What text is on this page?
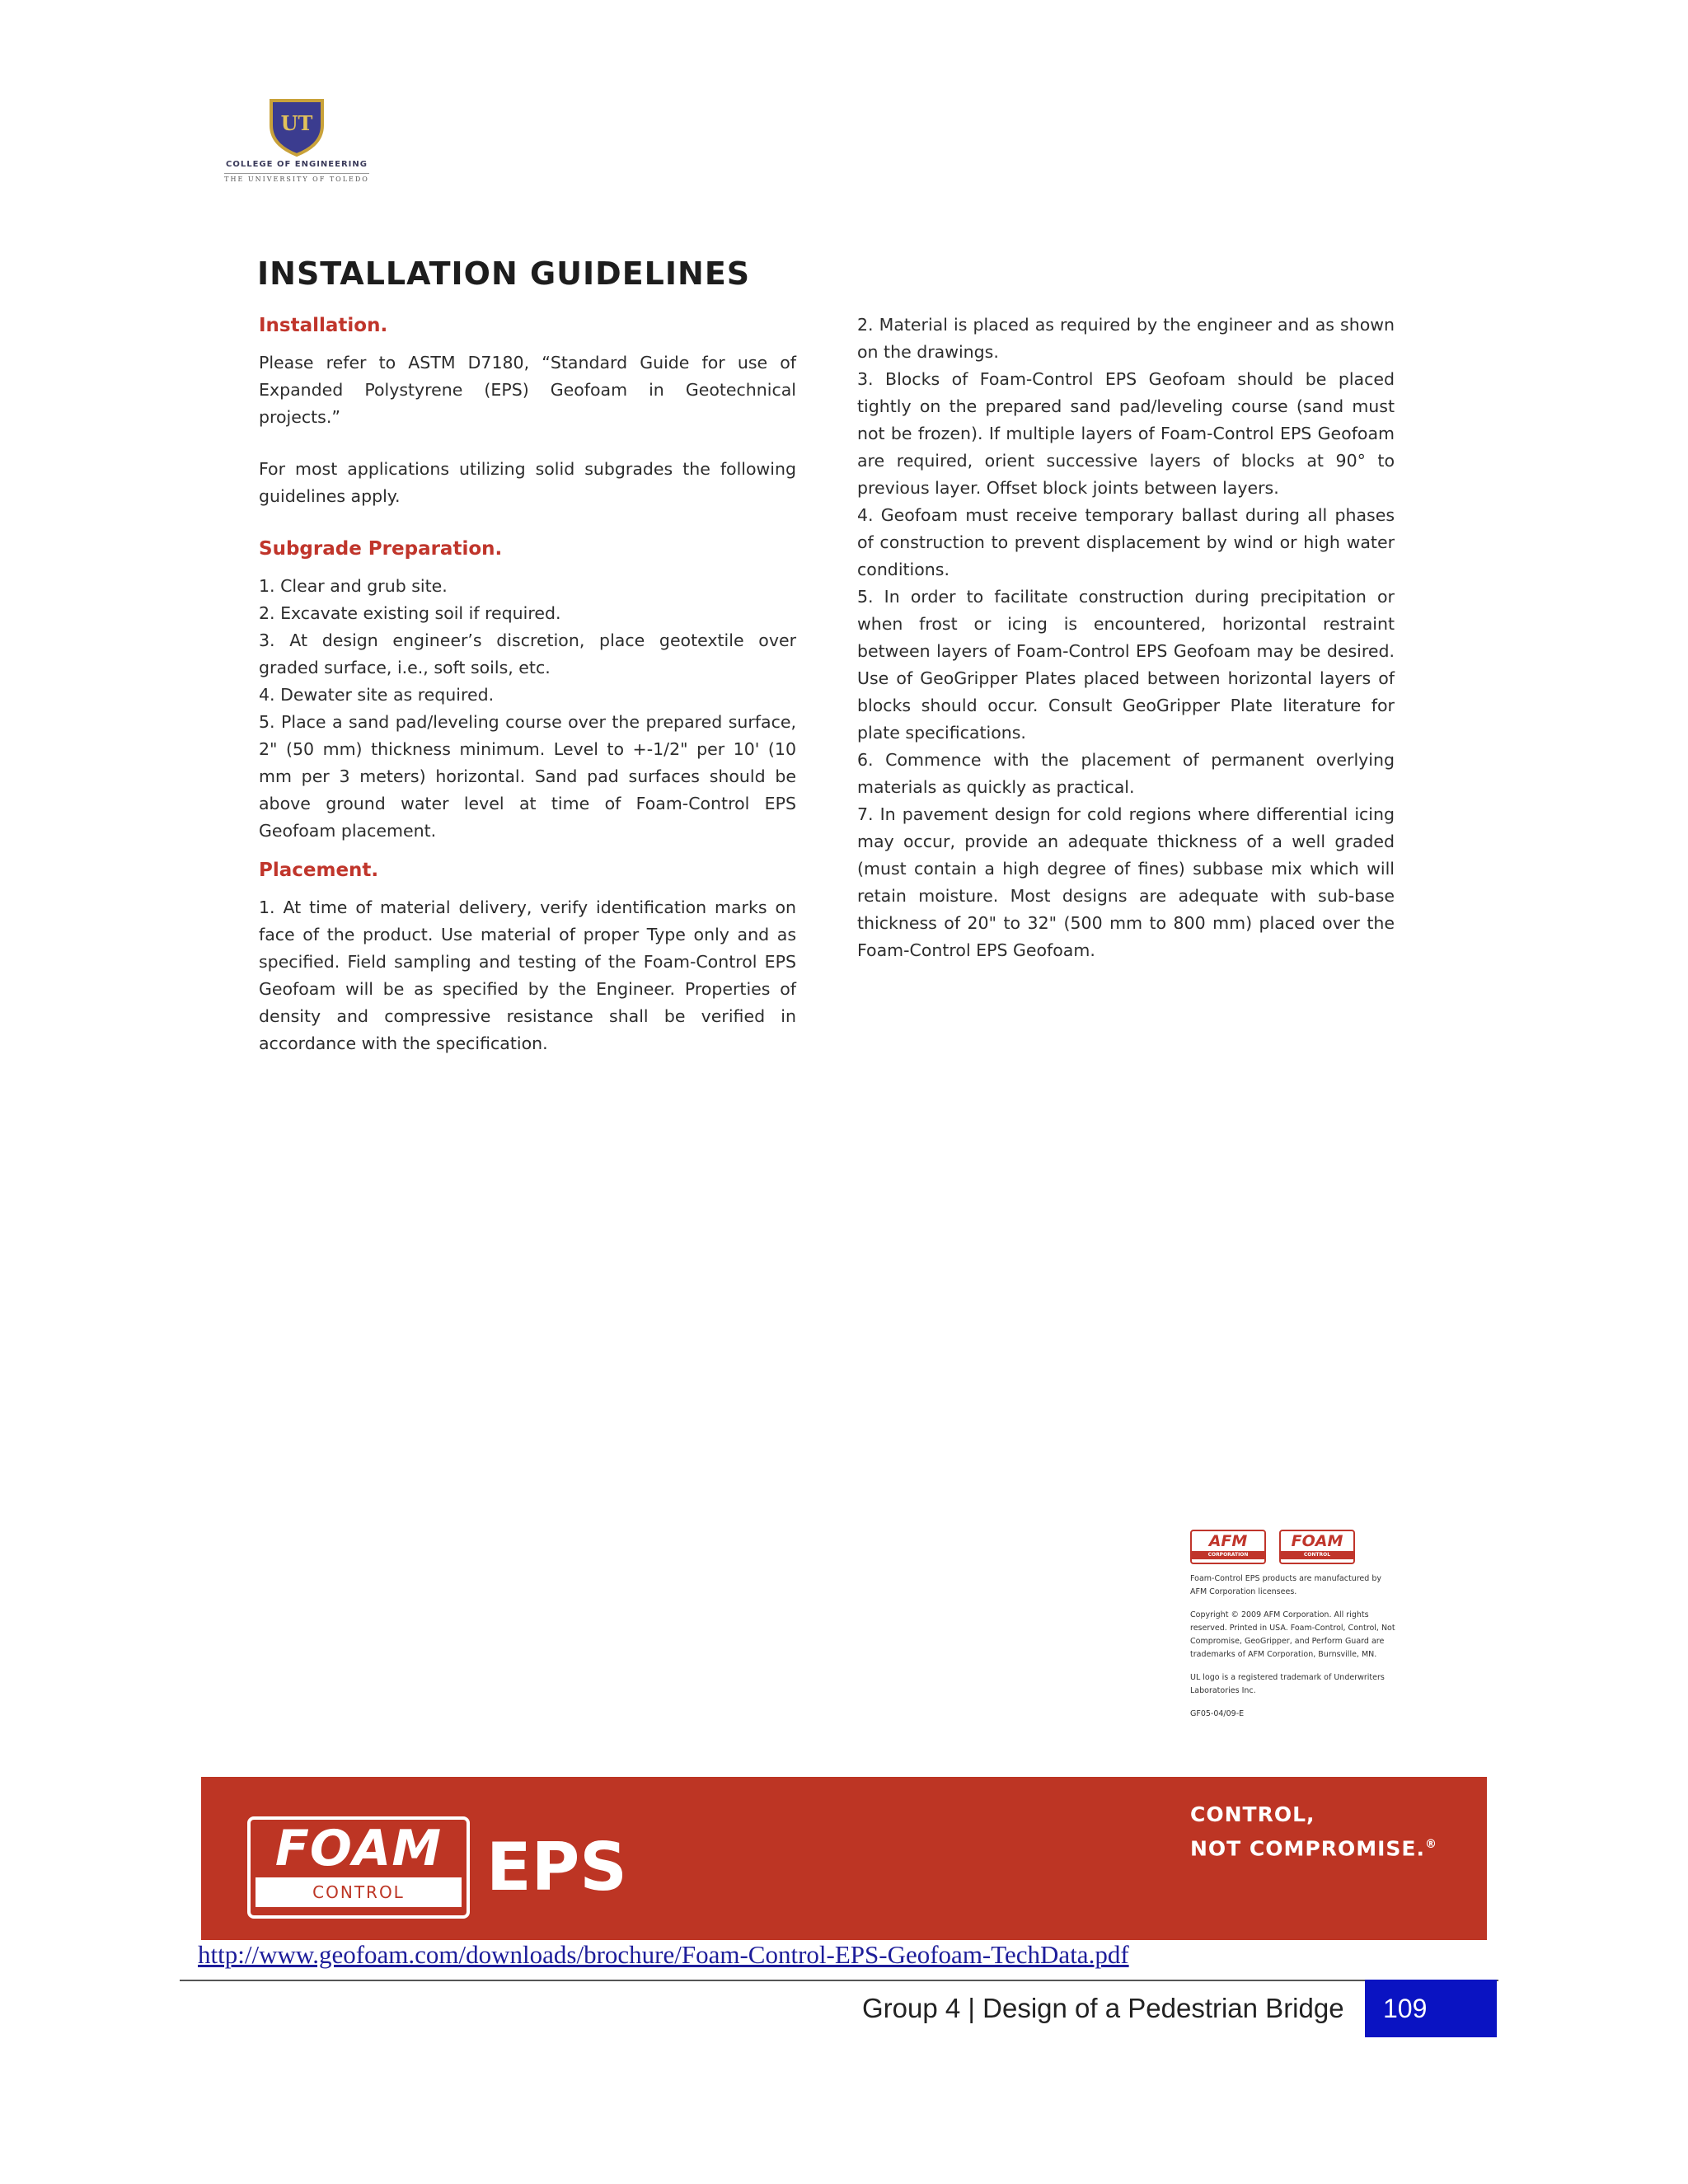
UT
COLLEGE OF ENGINEERING
THE UNIVERSITY OF TOLEDO
INSTALLATION GUIDELINES
Installation.

Please refer to ASTM D7180, “Standard Guide for use of Expanded Polystyrene (EPS) Geofoam in Geotechnical projects.”

For most applications utilizing solid subgrades the following guidelines apply.

Subgrade Preparation.

1. Clear and grub site.

2. Excavate existing soil if required.

3. At design engineer’s discretion, place geotextile over graded surface, i.e., soft soils, etc.

4. Dewater site as required.

5. Place a sand pad/leveling course over the prepared surface, 2" (50 mm) thickness minimum. Level to +-1/2" per 10' (10 mm per 3 meters) horizontal. Sand pad surfaces should be above ground water level at time of Foam-Control EPS Geofoam placement.

Placement.

1. At time of material delivery, verify identification marks on face of the product. Use material of proper Type only and as specified. Field sampling and testing of the Foam-Control EPS Geofoam will be as specified by the Engineer. Properties of density and compressive resistance shall be verified in accordance with the specification.

2. Material is placed as required by the engineer and as shown on the drawings.

3. Blocks of Foam-Control EPS Geofoam should be placed tightly on the prepared sand pad/leveling course (sand must not be frozen). If multiple layers of Foam-Control EPS Geofoam are required, orient successive layers of blocks at 90° to previous layer. Offset block joints between layers.

4. Geofoam must receive temporary ballast during all phases of construction to prevent displacement by wind or high water conditions.

5. In order to facilitate construction during precipitation or when frost or icing is encountered, horizontal restraint between layers of Foam-Control EPS Geofoam may be desired. Use of GeoGripper Plates placed between horizontal layers of blocks should occur. Consult GeoGripper Plate literature for plate specifications.

6. Commence with the placement of permanent overlying materials as quickly as practical.

7. In pavement design for cold regions where differential icing may occur, provide an adequate thickness of a well graded (must contain a high degree of fines) subbase mix which will retain moisture. Most designs are adequate with sub-base thickness of 20" to 32" (500 mm to 800 mm) placed over the Foam-Control EPS Geofoam.

AFM
CORPORATION
FOAM
CONTROL

Foam-Control EPS products are manufactured by AFM Corporation licensees.

Copyright © 2009 AFM Corporation. All rights reserved. Printed in USA. Foam-Control, Control, Not Compromise, GeoGripper, and Perform Guard are trademarks of AFM Corporation, Burnsville, MN.

UL logo is a registered trademark of Underwriters Laboratories Inc.

GF05-04/09-E

FOAM
CONTROL	EPS
CONTROL,
NOT COMPROMISE.®
http://www.geofoam.com/downloads/brochure/Foam-Control-EPS-Geofoam-TechData.pdf
Group 4 | Design of a Pedestrian Bridge	109
